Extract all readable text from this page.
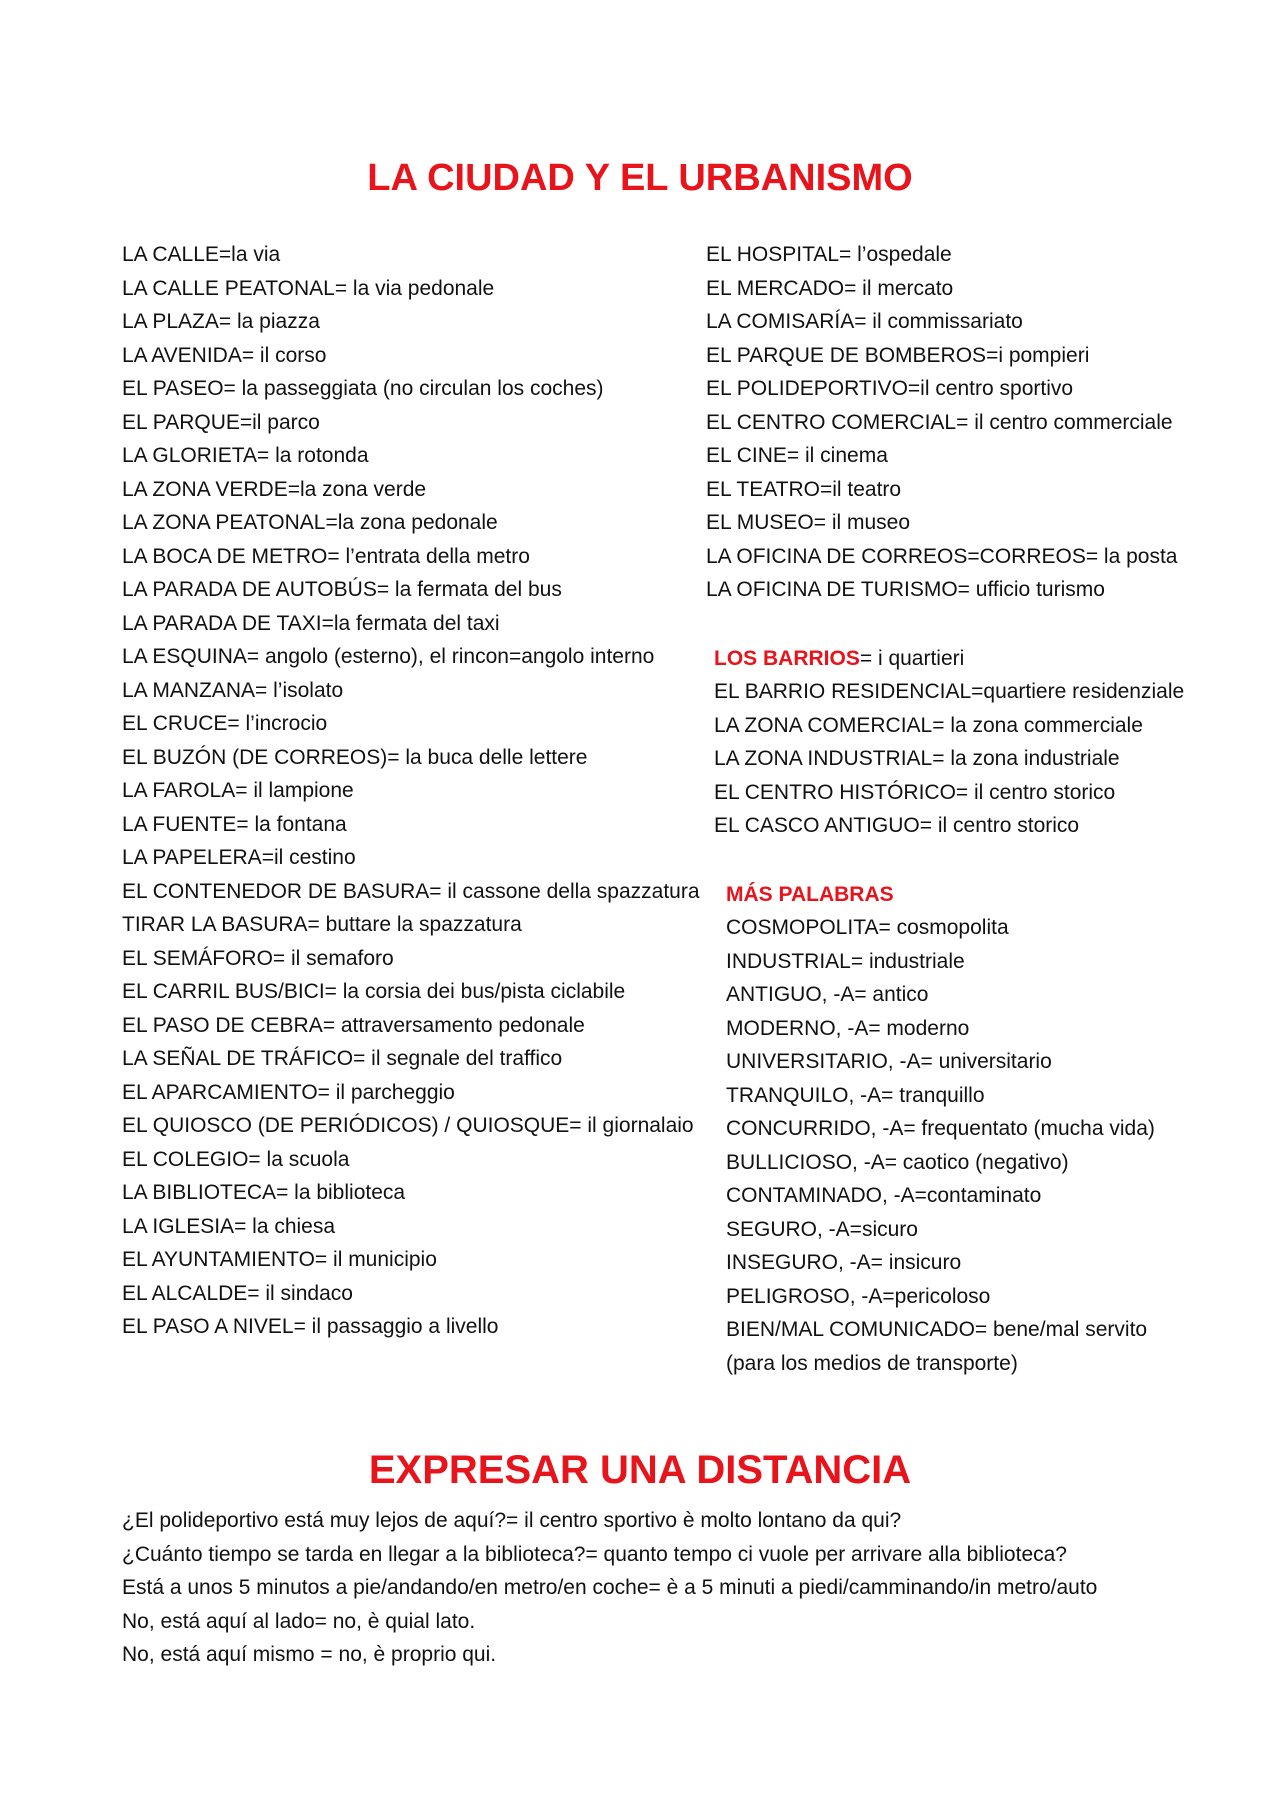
LA CIUDAD Y EL URBANISMO
LA CALLE=la via
LA CALLE PEATONAL= la via pedonale
LA PLAZA= la piazza
LA AVENIDA= il corso
EL PASEO= la passeggiata (no circulan los coches)
EL PARQUE=il parco
LA GLORIETA= la rotonda
LA ZONA VERDE=la zona verde
LA ZONA PEATONAL=la zona pedonale
LA BOCA DE METRO= l’entrata della metro
LA PARADA DE AUTOBÚS= la fermata del bus
LA PARADA DE TAXI=la fermata del taxi
LA ESQUINA= angolo (esterno), el rincon=angolo interno
LA MANZANA= l’isolato
EL CRUCE= l’incrocio
EL BUZÓN (DE CORREOS)= la buca delle lettere
LA FAROLA= il lampione
LA FUENTE= la fontana
LA PAPELERA=il cestino
EL CONTENEDOR DE BASURA= il cassone della spazzatura
TIRAR LA BASURA= buttare la spazzatura
EL SEMÁFORO= il semaforo
EL CARRIL BUS/BICI= la corsia dei bus/pista ciclabile
EL PASO DE CEBRA= attraversamento pedonale
LA SEÑAL DE TRÁFICO= il segnale del traffico
EL APARCAMIENTO= il parcheggio
EL QUIOSCO (DE PERIÓDICOS) / QUIOSQUE= il giornalaio
EL COLEGIO= la scuola
LA BIBLIOTECA= la biblioteca
LA IGLESIA= la chiesa
EL AYUNTAMIENTO= il municipio
EL ALCALDE= il sindaco
EL PASO A NIVEL= il passaggio a livello
EL HOSPITAL= l’ospedale
EL MERCADO= il mercato
LA COMISARÍA= il commissariato
EL PARQUE DE BOMBEROS=i pompieri
EL POLIDEPORTIVO=il centro sportivo
EL CENTRO COMERCIAL= il centro commerciale
EL CINE= il cinema
EL TEATRO=il teatro
EL MUSEO= il museo
LA OFICINA DE CORREOS=CORREOS= la posta
LA OFICINA DE TURISMO= ufficio turismo
LOS BARRIOS= i quartieri
EL BARRIO RESIDENCIAL=quartiere residenziale
LA ZONA COMERCIAL= la zona commerciale
LA ZONA INDUSTRIAL= la zona industriale
EL CENTRO HISTÓRICO= il centro storico
EL CASCO ANTIGUO= il centro storico
MÁS PALABRAS
COSMOPOLITA= cosmopolita
INDUSTRIAL= industriale
ANTIGUO, -A= antico
MODERNO, -A= moderno
UNIVERSITARIO, -A= universitario
TRANQUILO, -A= tranquillo
CONCURRIDO, -A= frequentato (mucha vida)
BULLICIOSO, -A= caotico (negativo)
CONTAMINADO, -A=contaminato
SEGURO, -A=sicuro
INSEGURO, -A= insicuro
PELIGROSO, -A=pericoloso
BIEN/MAL COMUNICADO= bene/mal servito
(para los medios de transporte)
EXPRESAR UNA DISTANCIA
¿El polideportivo está muy lejos de aquí?= il centro sportivo è molto lontano da qui?
¿Cuánto tiempo se tarda en llegar a la biblioteca?= quanto tempo ci vuole per arrivare alla biblioteca?
Está a unos 5 minutos a pie/andando/en metro/en coche= è a 5 minuti a piedi/camminando/in metro/auto
No, está aquí al lado= no, è quial lato.
No, está aquí mismo = no, è proprio qui.
